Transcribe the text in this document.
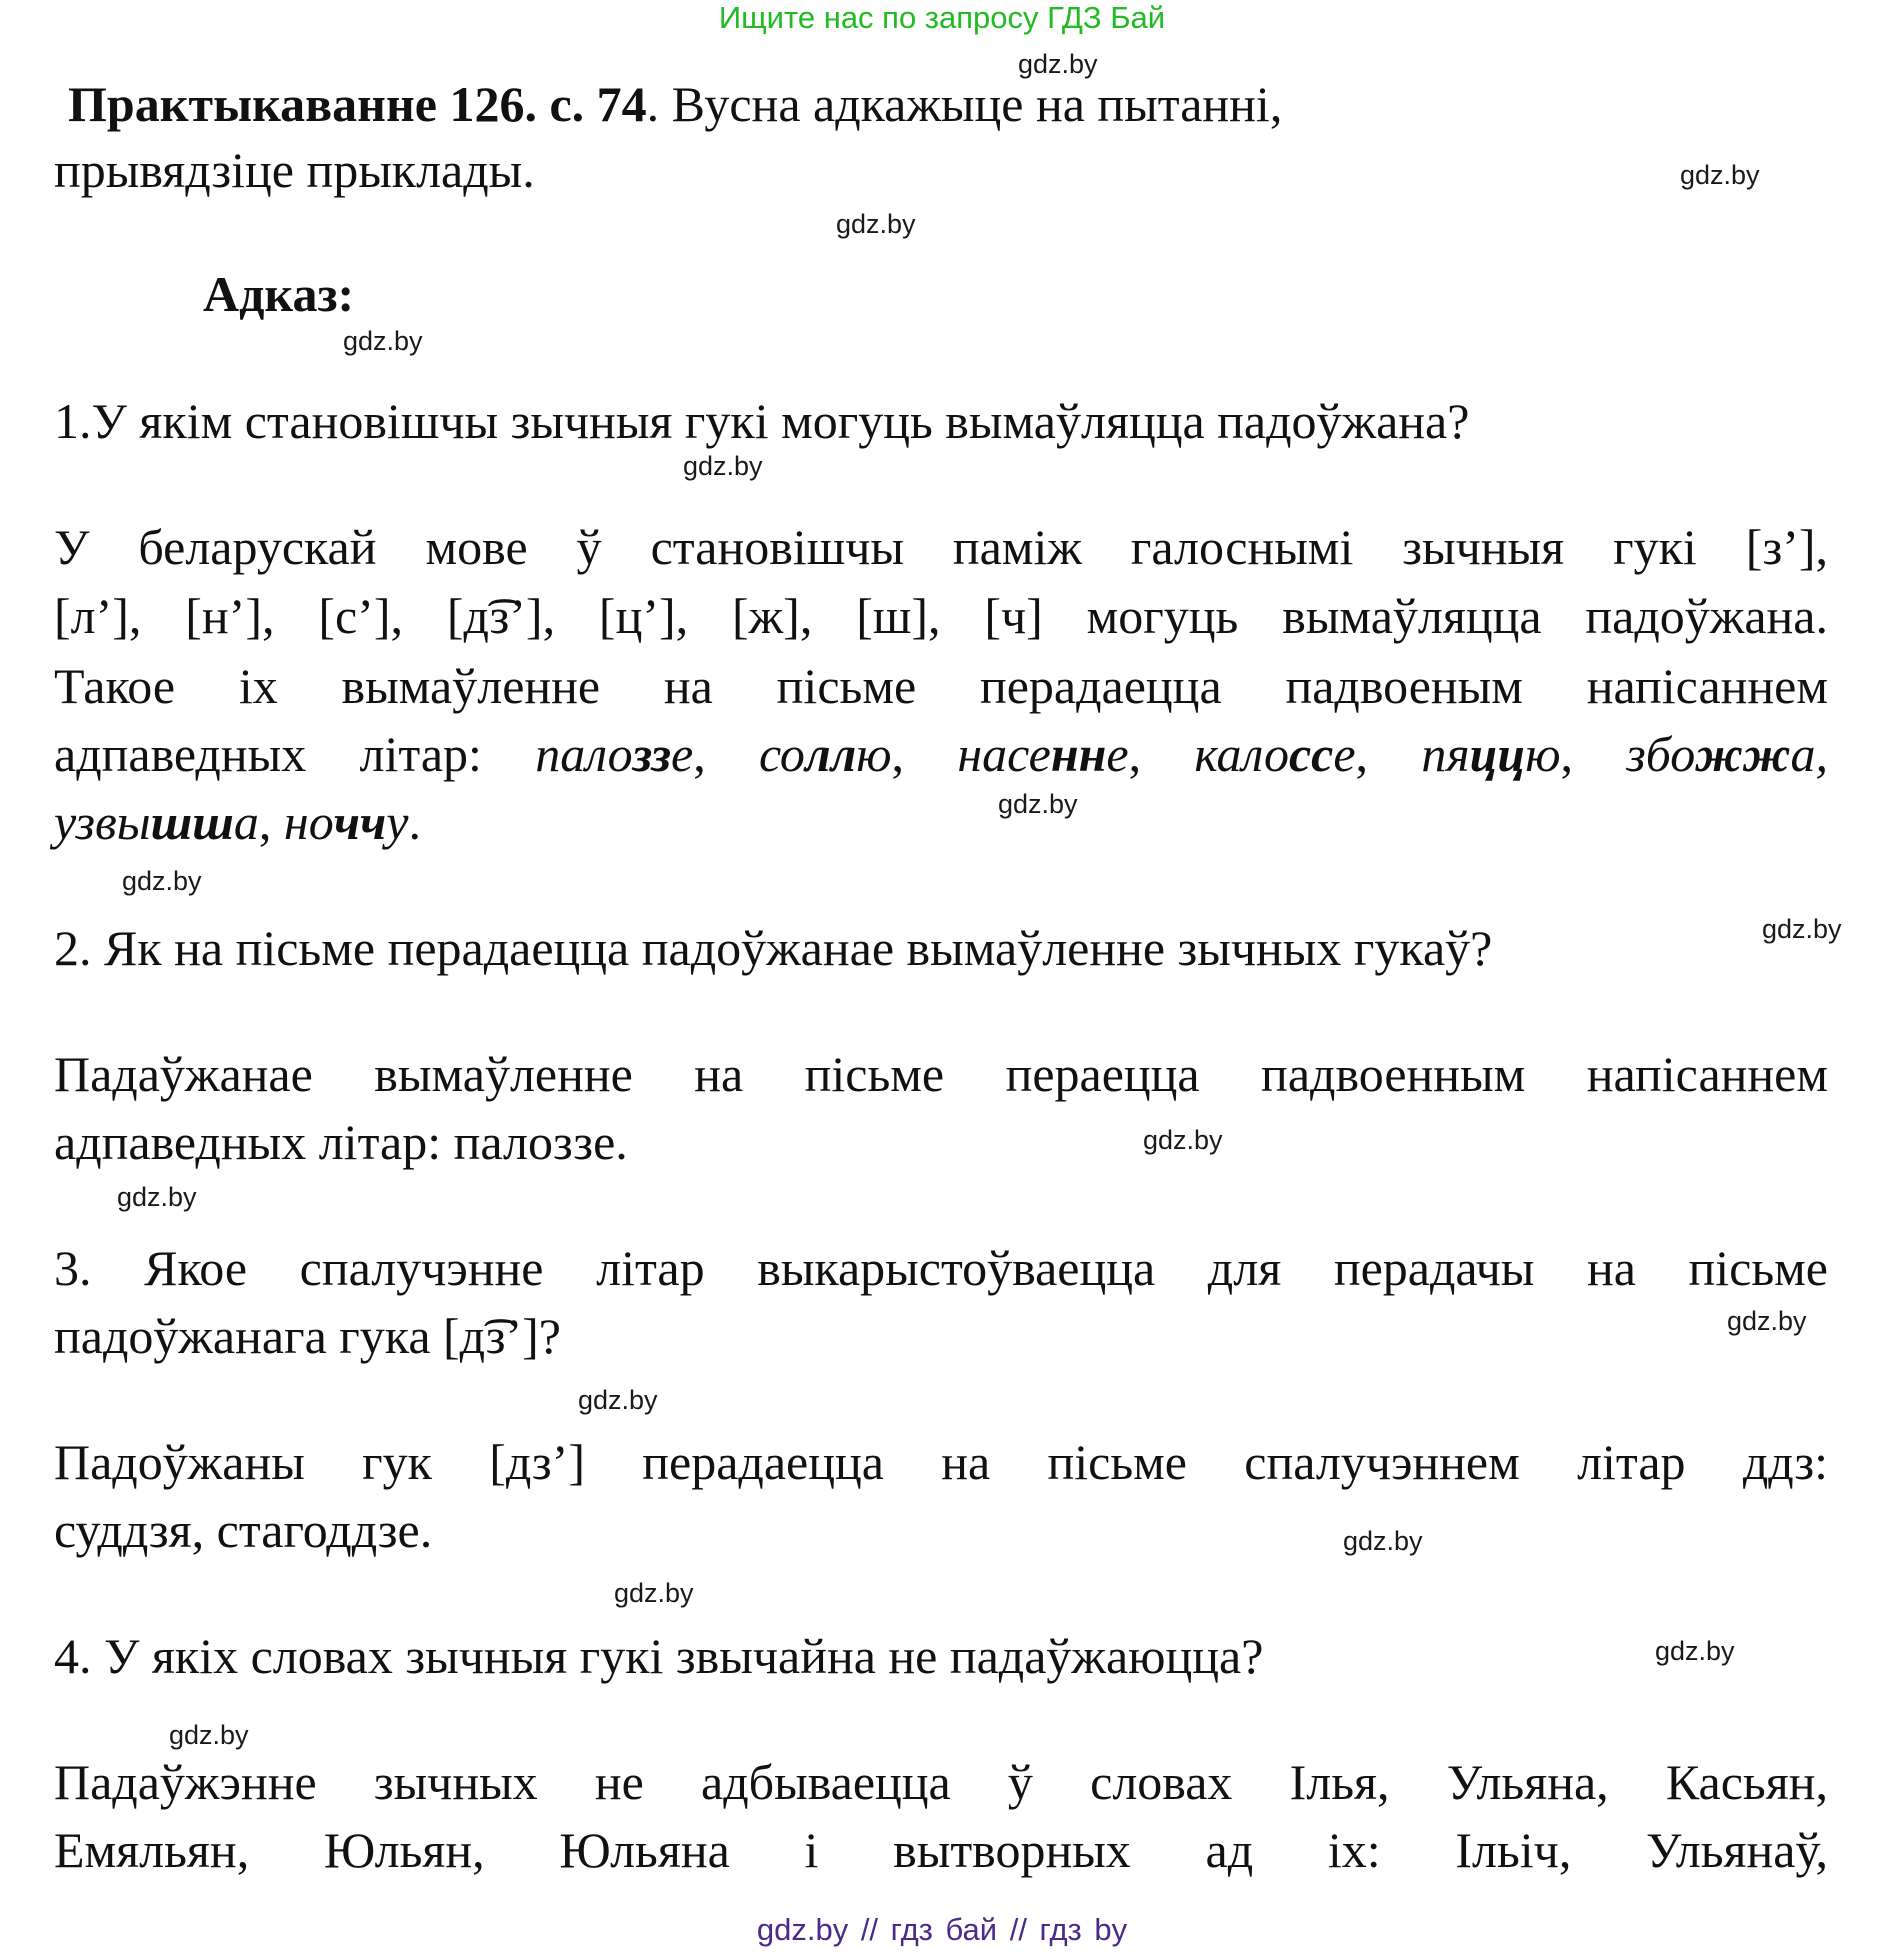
Ищите нас по запросу ГДЗ Бай
gdz.by
gdz.by
gdz.by
gdz.by
gdz.by
gdz.by
gdz.by
gdz.by
gdz.by
gdz.by
gdz.by
gdz.by
gdz.by
gdz.by
gdz.by
gdz.by
Практыкаванне 126. с. 74. Вусна адкажыце на пытанні,
прывядзіце прыклады.
Адказ:
1.У якім становішчы зычныя гукі могуць вымаўляцца падоўжана?
У беларускай мове ў становішчы паміж галоснымі зычныя гукі [з’],
[л’], [н’], [с’], [д͡з’], [ц’], [ж], [ш], [ч] могуць вымаўляцца падоўжана.
Такое іх вымаўленне на пісьме перадаецца падвоеным напісаннем
адпаведных літар: палоззе, соллю, насенне, калоссе, пяццю, збожжа,
узвышша, ноччу.
2. Як на пісьме перадаецца падоўжанае вымаўленне зычных гукаў?
Падаўжанае вымаўленне на пісьме пераецца падвоенным напісаннем
адпаведных літар: палоззе.
3. Якое спалучэнне літар выкарыстоўваецца для перадачы на пісьме
падоўжанага гука [д͡з’]?
Падоўжаны гук [дз’] перадаецца на пісьме спалучэннем літар ддз:
суддзя, стагоддзе.
4. У якіх словах зычныя гукі звычайна не падаўжаюцца?
Падаўжэнне зычных не адбываецца ў словах Ілья, Ульяна, Касьян,
Емяльян, Юльян, Юльяна і вытворных ад іх: Ільіч, Ульянаў,
gdz.by // гдз бай // гдз by
